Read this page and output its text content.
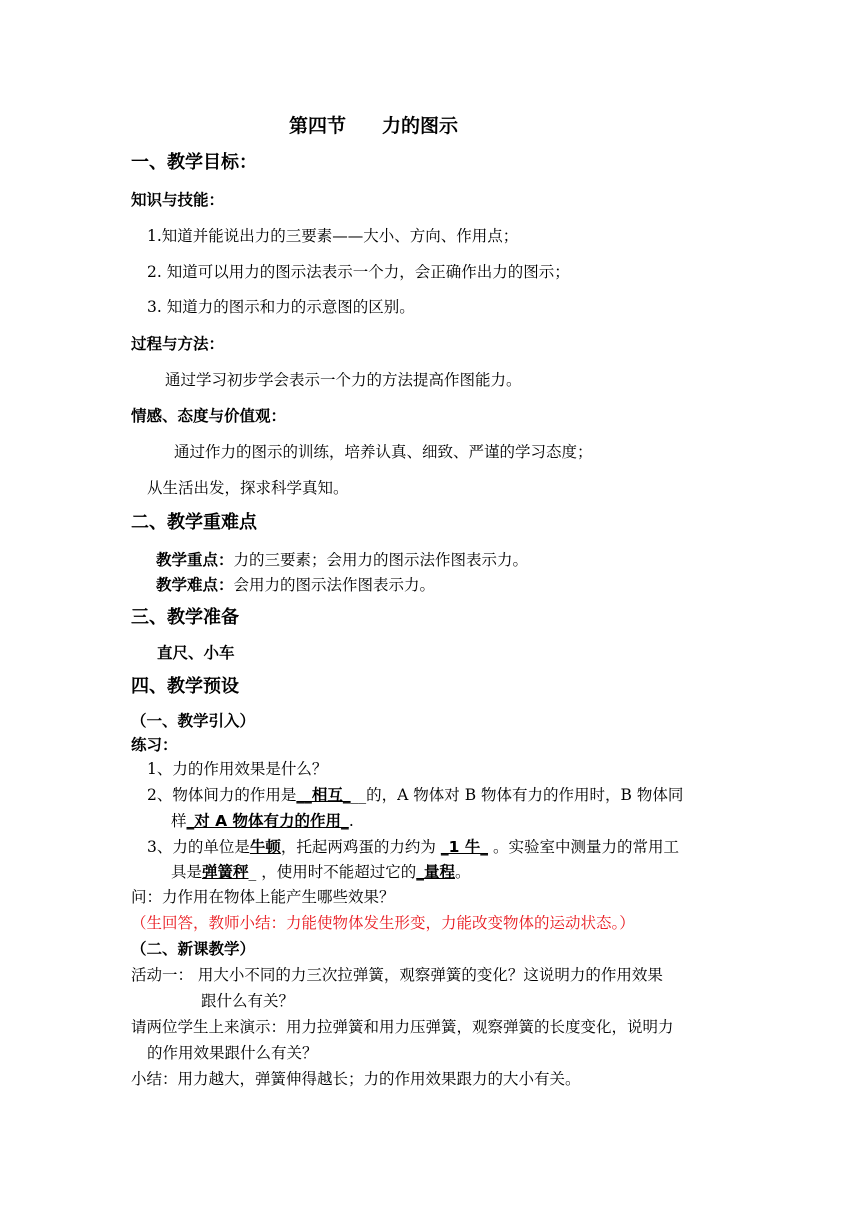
第四节 力的图示
一、教学目标：
知识与技能：
1.知道并能说出力的三要素——大小、方向、作用点；
2. 知道可以用力的图示法表示一个力，会正确作出力的图示；
3. 知道力的图示和力的示意图的区别。
过程与方法：
通过学习初步学会表示一个力的方法提高作图能力。
情感、态度与价值观：
通过作力的图示的训练，培养认真、细致、严谨的学习态度；
从生活出发，探求科学真知。
二、教学重难点
教学重点：力的三要素；会用力的图示法作图表示力。
教学难点：会用力的图示法作图表示力。
三、教学准备
直尺、小车
四、教学预设
（一、教学引入）
练习：
1、力的作用效果是什么？
2、物体间力的作用是__相互___的，A 物体对 B 物体有力的作用时，B 物体同
样_对 A 物体有力的作用_.
3、力的单位是牛顿，托起两鸡蛋的力约为 _1 牛_ 。实验室中测量力的常用工
具是弹簧秤_ ，使用时不能超过它的_量程。
问：力作用在物体上能产生哪些效果？
（生回答，教师小结：力能使物体发生形变，力能改变物体的运动状态。）
（二、新课教学）
活动一： 用大小不同的力三次拉弹簧，观察弹簧的变化？这说明力的作用效果
跟什么有关？
请两位学生上来演示：用力拉弹簧和用力压弹簧，观察弹簧的长度变化，说明力
的作用效果跟什么有关？
小结：用力越大，弹簧伸得越长；力的作用效果跟力的大小有关。
